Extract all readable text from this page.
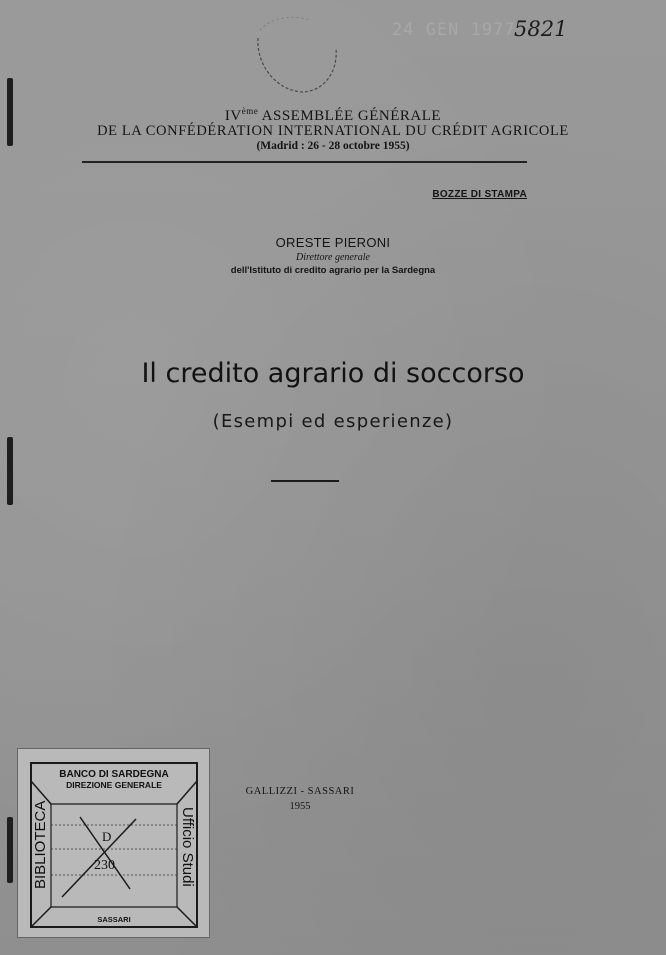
24 GEN 1977
5821
IVème ASSEMBLÉE GÉNÉRALE
DE LA CONFÉDÉRATION INTERNATIONAL DU CRÉDIT AGRICOLE
(Madrid : 26 - 28 octobre 1955)
BOZZE DI STAMPA
ORESTE PIERONI
Direttore generale
dell'Istituto di credito agrario per la Sardegna
Il credito agrario di soccorso
(Esempi ed esperienze)
GALLIZZI - SASSARI
1955
BANCO DI SARDEGNA
DIREZIONE GENERALE
BIBLIOTECA	Ufficio Studi
D
230
SASSARI
